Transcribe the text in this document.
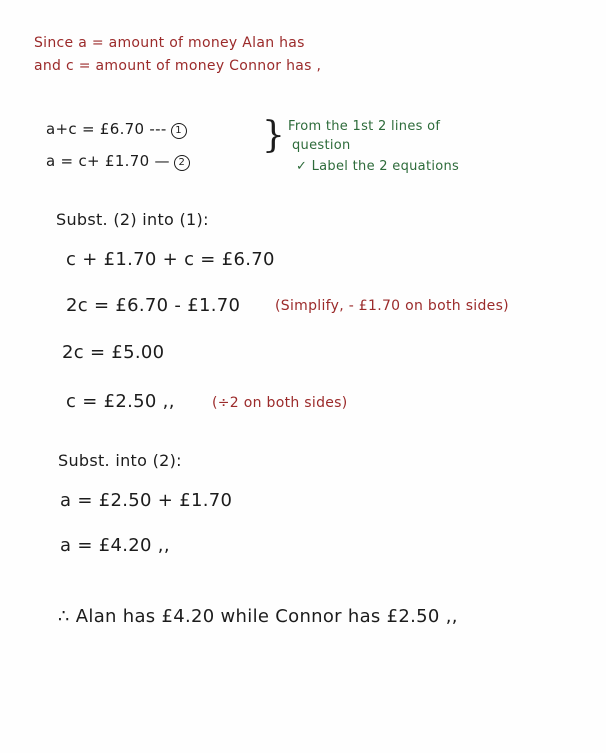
Since a = amount of money Alan has
and c = amount of money Connor has ,
a+c = £6.70 --- 1
a = c+ £1.70 — 2
} From the 1st 2 lines of
question
✓ Label the 2 equations
Subst. (2) into (1):
c + £1.70 + c = £6.70
2c = £6.70 - £1.70 (Simplify, - £1.70 on both sides)
2c = £5.00
c = £2.50 ,,	(÷2 on both sides)
Subst. into (2):
a = £2.50 + £1.70
a = £4.20 ,,
∴ Alan has £4.20 while Connor has £2.50 ,,
